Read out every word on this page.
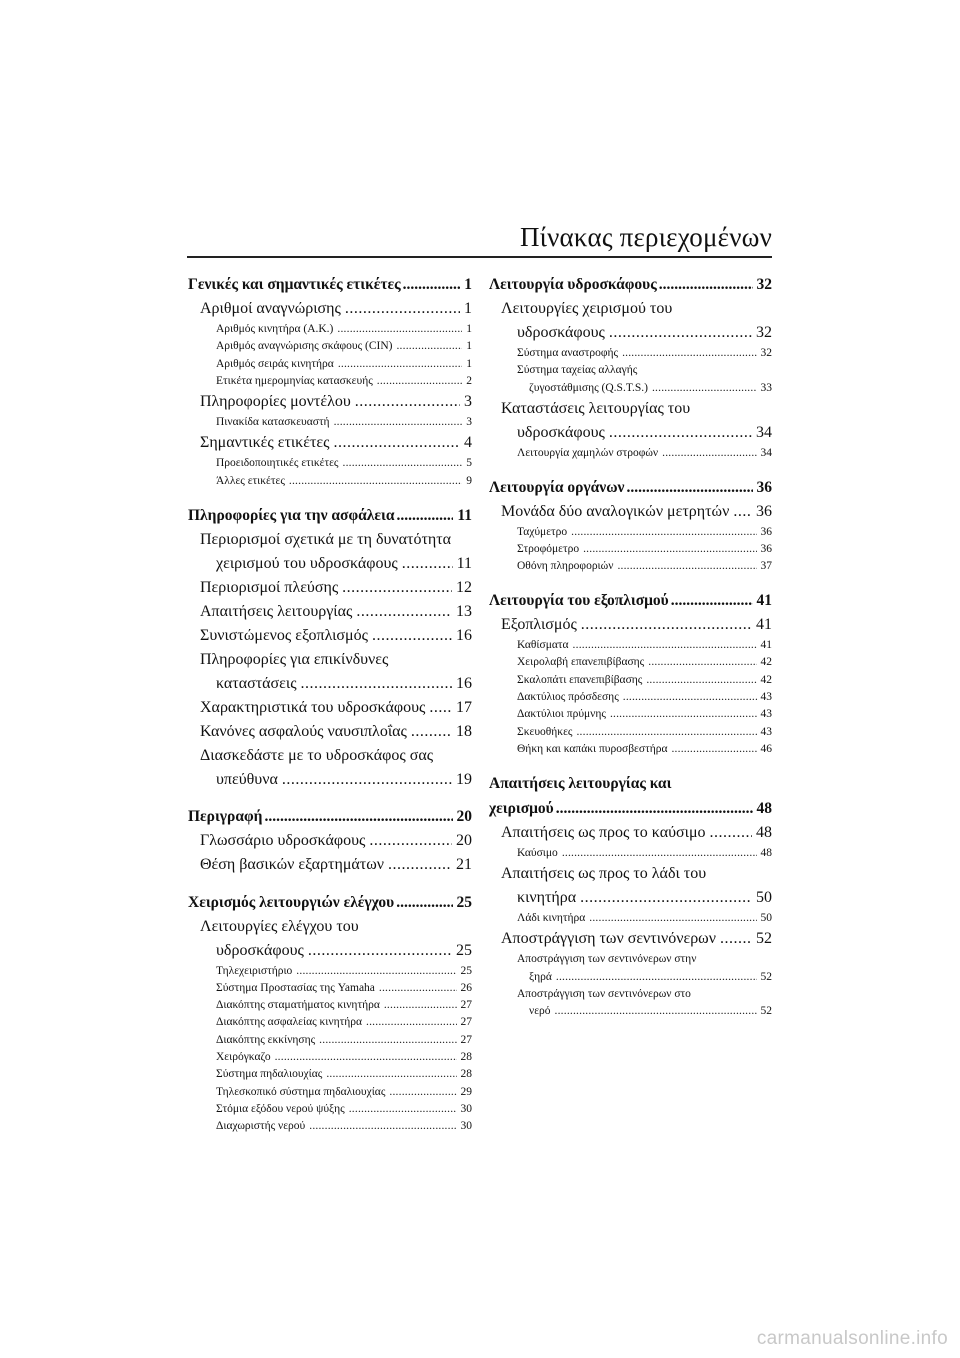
Πίνακας περιεχομένων
Γενικές και σημαντικές ετικέτες .....	1
Αριθμοί αναγνώρισης .....	1
Αριθμός κινητήρα (Α.Κ.) .....	1
Αριθμός αναγνώρισης σκάφους (CIN) .....	1
Αριθμός σειράς κινητήρα .....	1
Ετικέτα ημερομηνίας κατασκευής .....	2
Πληροφορίες μοντέλου .....	3
Πινακίδα κατασκευαστή .....	3
Σημαντικές ετικέτες .....	4
Προειδοποιητικές ετικέτες .....	5
Άλλες ετικέτες .....	9
Πληροφορίες για την ασφάλεια .....	11
Περιορισμοί σχετικά με τη δυνατότητα
χειρισμού του υδροσκάφους .....	11
Περιορισμοί πλεύσης .....	12
Απαιτήσεις λειτουργίας .....	13
Συνιστώμενος εξοπλισμός .....	16
Πληροφορίες για επικίνδυνες
καταστάσεις .....	16
Χαρακτηριστικά του υδροσκάφους ..... 17
Κανόνες ασφαλούς ναυσιπλοΐας .....	18
Διασκεδάστε με το υδροσκάφος σας
υπεύθυνα .....	19
Περιγραφή .....	20
Γλωσσάριο υδροσκάφους .....	20
Θέση βασικών εξαρτημάτων .....	21
Χειρισμός λειτουργιών ελέγχου .....	25
Λειτουργίες ελέγχου του
υδροσκάφους .....	25
Τηλεχειριστήριο .....	25
Σύστημα Προστασίας της Yamaha .....	26
Διακόπτης σταματήματος κινητήρα .....	27
Διακόπτης ασφαλείας κινητήρα .....	27
Διακόπτης εκκίνησης .....	27
Χειρόγκαζο .....	28
Σύστημα πηδαλιουχίας .....	28
Τηλεσκοπικό σύστημα πηδαλιουχίας .....	29
Στόμια εξόδου νερού ψύξης .....	30
Διαχωριστής νερού .....	30
Λειτουργία υδροσκάφους .....	32
Λειτουργίες χειρισμού του
υδροσκάφους .....	32
Σύστημα αναστροφής .....	32
Σύστημα ταχείας αλλαγής
ζυγοστάθμισης (Q.S.T.S.) .....	33
Καταστάσεις λειτουργίας του
υδροσκάφους .....	34
Λειτουργία χαμηλών στροφών .....	34
Λειτουργία οργάνων .....	36
Μονάδα δύο αναλογικών μετρητών ..... 36
Ταχύμετρο .....	36
Στροφόμετρο .....	36
Οθόνη πληροφοριών .....	37
Λειτουργία του εξοπλισμού .....	41
Εξοπλισμός .....	41
Καθίσματα .....	41
Χειρολαβή επανεπιβίβασης .....	42
Σκαλοπάτι επανεπιβίβασης .....	42
Δακτύλιος πρόσδεσης .....	43
Δακτύλιοι πρύμνης .....	43
Σκευοθήκες .....	43
Θήκη και καπάκι πυροσβεστήρα .....	46
Απαιτήσεις λειτουργίας και
χειρισμού .....	48
Απαιτήσεις ως προς το καύσιμο .....	48
Καύσιμο .....	48
Απαιτήσεις ως προς το λάδι του
κινητήρα .....	50
Λάδι κινητήρα .....	50
Αποστράγγιση των σεντινόνερων .....	52
Αποστράγγιση των σεντινόνερων στην
ξηρά .....	52
Αποστράγγιση των σεντινόνερων στο
νερό .....	52
carmanualsonline.info
